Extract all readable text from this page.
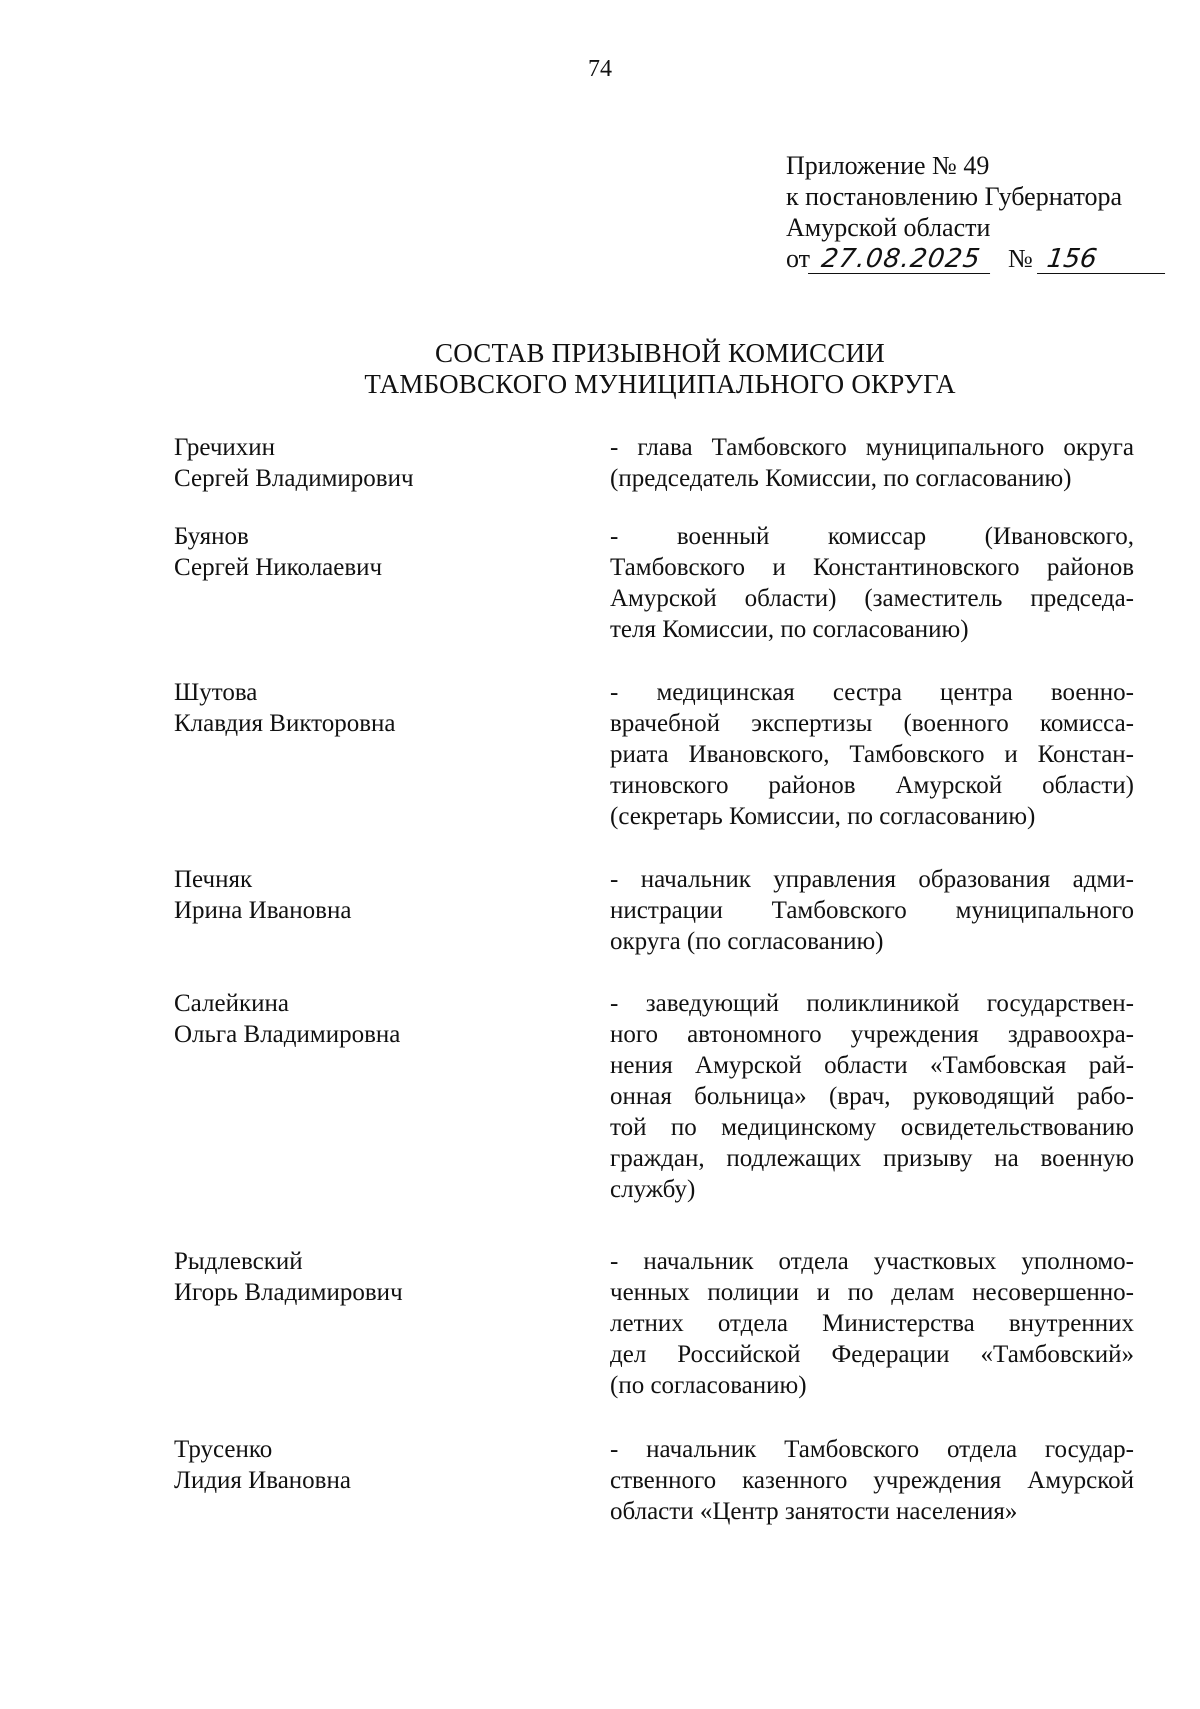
74
Приложение № 49
к постановлению Губернатора
Амурской области
от 27.08.2025 № 156
СОСТАВ ПРИЗЫВНОЙ КОМИССИИ
ТАМБОВСКОГО МУНИЦИПАЛЬНОГО ОКРУГА
Гречихин
Сергей Владимирович
- глава Тамбовского муниципального округа
(председатель Комиссии, по согласованию)
Буянов
Сергей Николаевич
- военный комиссар (Ивановского,
Тамбовского и Константиновского районов
Амурской области) (заместитель председа-
теля Комиссии, по согласованию)
Шутова
Клавдия Викторовна
- медицинская сестра центра военно-
врачебной экспертизы (военного комисса-
риата Ивановского, Тамбовского и Констан-
тиновского районов Амурской области)
(секретарь Комиссии, по согласованию)
Печняк
Ирина Ивановна
- начальник управления образования адми-
нистрации Тамбовского муниципального
округа (по согласованию)
Салейкина
Ольга Владимировна
- заведующий поликлиникой государствен-
ного автономного учреждения здравоохра-
нения Амурской области «Тамбовская рай-
онная больница» (врач, руководящий рабо-
той по медицинскому освидетельствованию
граждан, подлежащих призыву на военную
службу)
Рыдлевский
Игорь Владимирович
- начальник отдела участковых уполномо-
ченных полиции и по делам несовершенно-
летних отдела Министерства внутренних
дел Российской Федерации «Тамбовский»
(по согласованию)
Трусенко
Лидия Ивановна
- начальник Тамбовского отдела государ-
ственного казенного учреждения Амурской
области «Центр занятости населения»
